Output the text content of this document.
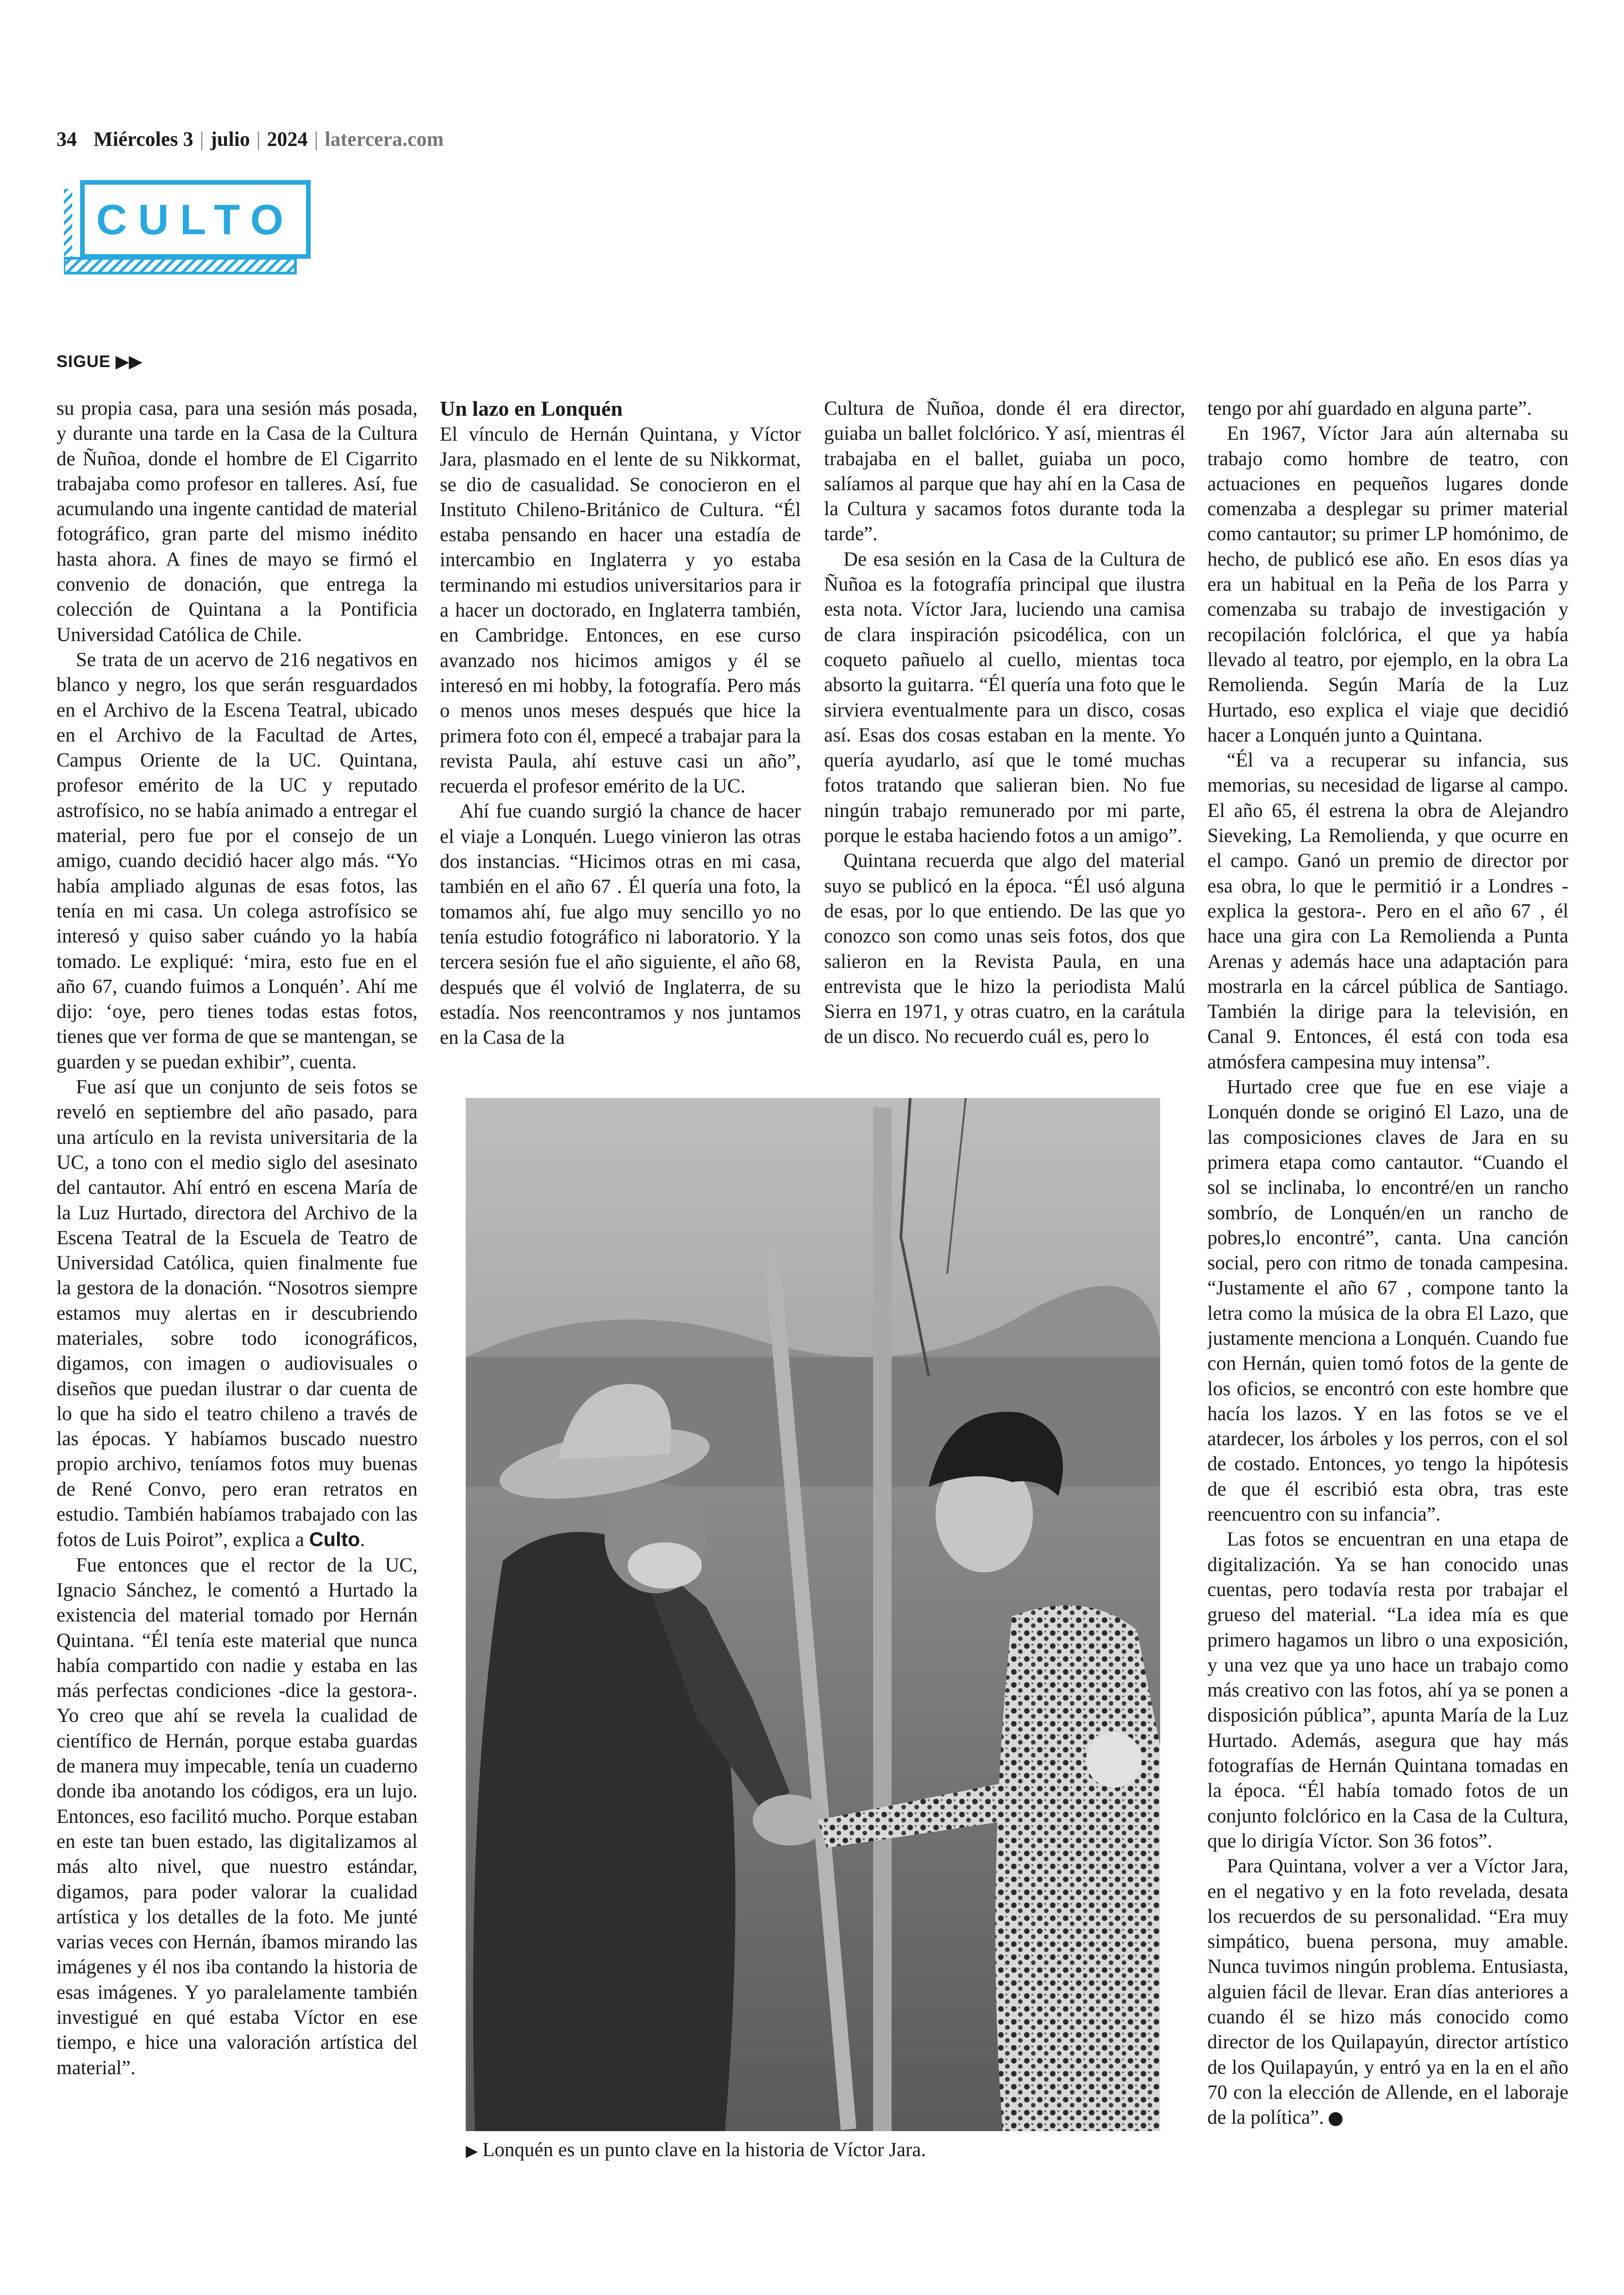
34 Miércoles 3 | julio | 2024 | latercera.com
CULTO
SIGUE ▶▶

su propia casa, para una sesión más posada, y durante una tarde en la Casa de la Cultura de Ñuñoa, donde el hombre de El Cigarrito trabajaba como profesor en talleres. Así, fue acumulando una ingente cantidad de material fotográfico, gran parte del mismo inédito hasta ahora. A fines de mayo se firmó el convenio de donación, que entrega la colección de Quintana a la Pontificia Universidad Católica de Chile.

Se trata de un acervo de 216 negativos en blanco y negro, los que serán resguardados en el Archivo de la Escena Teatral, ubicado en el Archivo de la Facultad de Artes, Campus Oriente de la UC. Quintana, profesor emérito de la UC y reputado astrofísico, no se había animado a entregar el material, pero fue por el consejo de un amigo, cuando decidió hacer algo más. “Yo había ampliado algunas de esas fotos, las tenía en mi casa. Un colega astrofísico se interesó y quiso saber cuándo yo la había tomado. Le expliqué: ‘mira, esto fue en el año 67, cuando fuimos a Lonquén’. Ahí me dijo: ‘oye, pero tienes todas estas fotos, tienes que ver forma de que se mantengan, se guarden y se puedan exhibir”, cuenta.

Fue así que un conjunto de seis fotos se reveló en septiembre del año pasado, para una artículo en la revista universitaria de la UC, a tono con el medio siglo del asesinato del cantautor. Ahí entró en escena María de la Luz Hurtado, directora del Archivo de la Escena Teatral de la Escuela de Teatro de Universidad Católica, quien finalmente fue la gestora de la donación. “Nosotros siempre estamos muy alertas en ir descubriendo materiales, sobre todo iconográficos, digamos, con imagen o audiovisuales o diseños que puedan ilustrar o dar cuenta de lo que ha sido el teatro chileno a través de las épocas. Y habíamos buscado nuestro propio archivo, teníamos fotos muy buenas de René Convo, pero eran retratos en estudio. También habíamos trabajado con las fotos de Luis Poirot”, explica a Culto.

Fue entonces que el rector de la UC, Ignacio Sánchez, le comentó a Hurtado la existencia del material tomado por Hernán Quintana. “Él tenía este material que nunca había compartido con nadie y estaba en las más perfectas condiciones -dice la gestora-. Yo creo que ahí se revela la cualidad de científico de Hernán, porque estaba guardas de manera muy impecable, tenía un cuaderno donde iba anotando los códigos, era un lujo. Entonces, eso facilitó mucho. Porque estaban en este tan buen estado, las digitalizamos al más alto nivel, que nuestro estándar, digamos, para poder valorar la cualidad artística y los detalles de la foto. Me junté varias veces con Hernán, íbamos mirando las imágenes y él nos iba contando la historia de esas imágenes. Y yo paralelamente también investigué en qué estaba Víctor en ese tiempo, e hice una valoración artística del material”.

Un lazo en Lonquén

El vínculo de Hernán Quintana, y Víctor Jara, plasmado en el lente de su Nikkormat, se dio de casualidad. Se conocieron en el Instituto Chileno-Británico de Cultura. “Él estaba pensando en hacer una estadía de intercambio en Inglaterra y yo estaba terminando mi estudios universitarios para ir a hacer un doctorado, en Inglaterra también, en Cambridge. Entonces, en ese curso avanzado nos hicimos amigos y él se interesó en mi hobby, la fotografía. Pero más o menos unos meses después que hice la primera foto con él, empecé a trabajar para la revista Paula, ahí estuve casi un año”, recuerda el profesor emérito de la UC.

Ahí fue cuando surgió la chance de hacer el viaje a Lonquén. Luego vinieron las otras dos instancias. “Hicimos otras en mi casa, también en el año 67 . Él quería una foto, la tomamos ahí, fue algo muy sencillo yo no tenía estudio fotográfico ni laboratorio. Y la tercera sesión fue el año siguiente, el año 68, después que él volvió de Inglaterra, de su estadía. Nos reencontramos y nos juntamos en la Casa de la

Cultura de Ñuñoa, donde él era director, guiaba un ballet folclórico. Y así, mientras él trabajaba en el ballet, guiaba un poco, salíamos al parque que hay ahí en la Casa de la Cultura y sacamos fotos durante toda la tarde”.

De esa sesión en la Casa de la Cultura de Ñuñoa es la fotografía principal que ilustra esta nota. Víctor Jara, luciendo una camisa de clara inspiración psicodélica, con un coqueto pañuelo al cuello, mientas toca absorto la guitarra. “Él quería una foto que le sirviera eventualmente para un disco, cosas así. Esas dos cosas estaban en la mente. Yo quería ayudarlo, así que le tomé muchas fotos tratando que salieran bien. No fue ningún trabajo remunerado por mi parte, porque le estaba haciendo fotos a un amigo”.

Quintana recuerda que algo del material suyo se publicó en la época. “Él usó alguna de esas, por lo que entiendo. De las que yo conozco son como unas seis fotos, dos que salieron en la Revista Paula, en una entrevista que le hizo la periodista Malú Sierra en 1971, y otras cuatro, en la carátula de un disco. No recuerdo cuál es, pero lo

tengo por ahí guardado en alguna parte”.

En 1967, Víctor Jara aún alternaba su trabajo como hombre de teatro, con actuaciones en pequeños lugares donde comenzaba a desplegar su primer material como cantautor; su primer LP homónimo, de hecho, de publicó ese año. En esos días ya era un habitual en la Peña de los Parra y comenzaba su trabajo de investigación y recopilación folclórica, el que ya había llevado al teatro, por ejemplo, en la obra La Remolienda. Según María de la Luz Hurtado, eso explica el viaje que decidió hacer a Lonquén junto a Quintana.

“Él va a recuperar su infancia, sus memorias, su necesidad de ligarse al campo. El año 65, él estrena la obra de Alejandro Sieveking, La Remolienda, y que ocurre en el campo. Ganó un premio de director por esa obra, lo que le permitió ir a Londres -explica la gestora-. Pero en el año 67 , él hace una gira con La Remolienda a Punta Arenas y además hace una adaptación para mostrarla en la cárcel pública de Santiago. También la dirige para la televisión, en Canal 9. Entonces, él está con toda esa atmósfera campesina muy intensa”.

Hurtado cree que fue en ese viaje a Lonquén donde se originó El Lazo, una de las composiciones claves de Jara en su primera etapa como cantautor. “Cuando el sol se inclinaba, lo encontré/en un rancho sombrío, de Lonquén/en un rancho de pobres,lo encontré”, canta. Una canción social, pero con ritmo de tonada campesina. “Justamente el año 67 , compone tanto la letra como la música de la obra El Lazo, que justamente menciona a Lonquén. Cuando fue con Hernán, quien tomó fotos de la gente de los oficios, se encontró con este hombre que hacía los lazos. Y en las fotos se ve el atardecer, los árboles y los perros, con el sol de costado. Entonces, yo tengo la hipótesis de que él escribió esta obra, tras este reencuentro con su infancia”.

Las fotos se encuentran en una etapa de digitalización. Ya se han conocido unas cuentas, pero todavía resta por trabajar el grueso del material. “La idea mía es que primero hagamos un libro o una exposición, y una vez que ya uno hace un trabajo como más creativo con las fotos, ahí ya se ponen a disposición pública”, apunta María de la Luz Hurtado. Además, asegura que hay más fotografías de Hernán Quintana tomadas en la época. “Él había tomado fotos de un conjunto folclórico en la Casa de la Cultura, que lo dirigía Víctor. Son 36 fotos”.

Para Quintana, volver a ver a Víctor Jara, en el negativo y en la foto revelada, desata los recuerdos de su personalidad. “Era muy simpático, buena persona, muy amable. Nunca tuvimos ningún problema. Entusiasta, alguien fácil de llevar. Eran días anteriores a cuando él se hizo más conocido como director de los Quilapayún, director artístico de los Quilapayún, y entró ya en la en el año 70 con la elección de Allende, en el laboraje de la política”.

▶ Lonquén es un punto clave en la historia de Víctor Jara.
